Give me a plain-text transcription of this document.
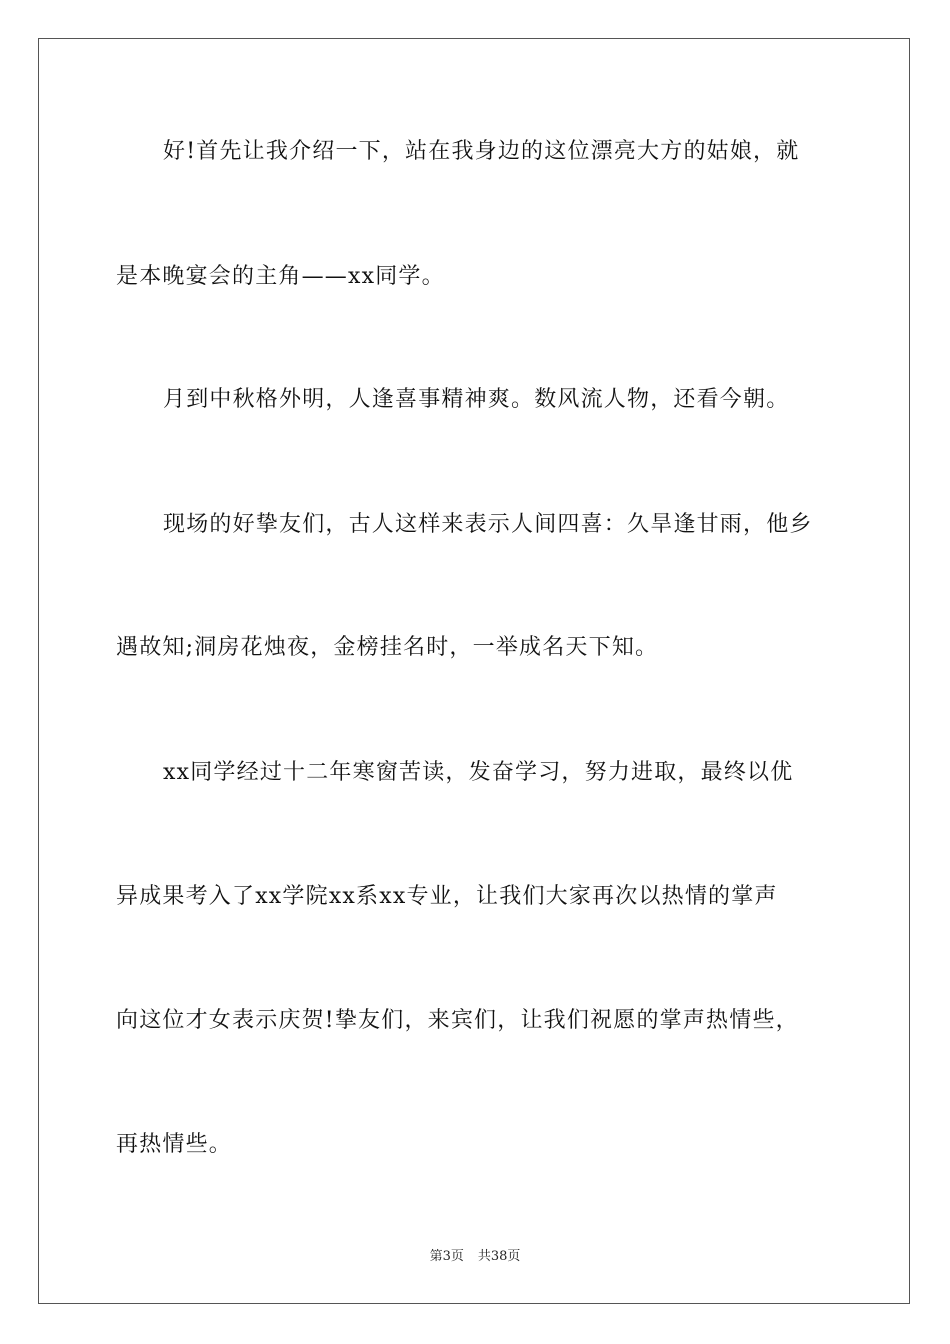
好!首先让我介绍一下，站在我身边的这位漂亮大方的姑娘，就
是本晚宴会的主角——xx同学。
月到中秋格外明，人逢喜事精神爽。数风流人物，还看今朝。
现场的好挚友们，古人这样来表示人间四喜：久旱逢甘雨，他乡
遇故知;洞房花烛夜，金榜挂名时，一举成名天下知。
xx同学经过十二年寒窗苦读，发奋学习，努力进取，最终以优
异成果考入了xx学院xx系xx专业，让我们大家再次以热情的掌声
向这位才女表示庆贺!挚友们，来宾们，让我们祝愿的掌声热情些，
再热情些。
第3页 共38页
